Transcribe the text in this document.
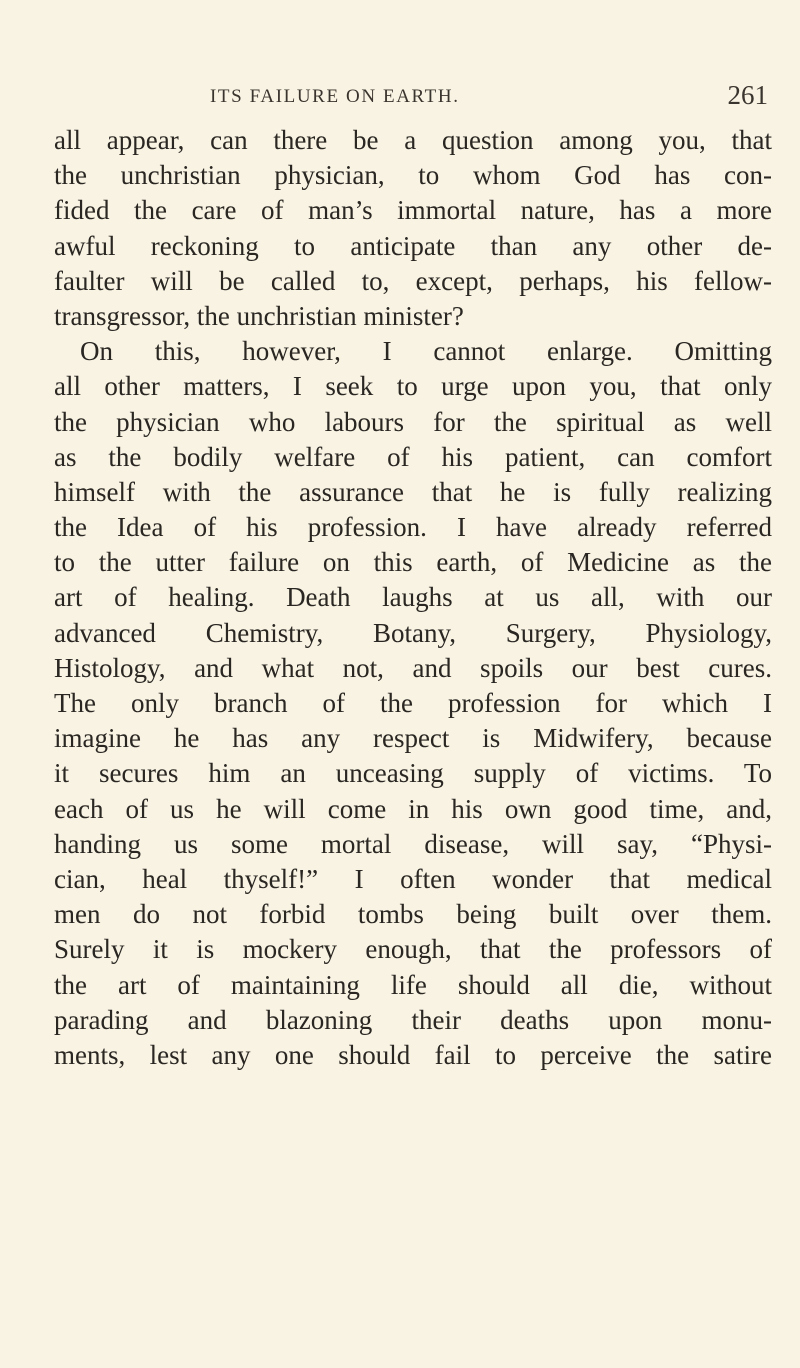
ITS FAILURE ON EARTH.	261
all appear, can there be a question among you, that
the unchristian physician, to whom God has con-
fided the care of man’s immortal nature, has a more
awful reckoning to anticipate than any other de-
faulter will be called to, except, perhaps, his fellow-
transgressor, the unchristian minister?
On this, however, I cannot enlarge. Omitting
all other matters, I seek to urge upon you, that only
the physician who labours for the spiritual as well
as the bodily welfare of his patient, can comfort
himself with the assurance that he is fully realizing
the Idea of his profession. I have already referred
to the utter failure on this earth, of Medicine as the
art of healing. Death laughs at us all, with our
advanced Chemistry, Botany, Surgery, Physiology,
Histology, and what not, and spoils our best cures.
The only branch of the profession for which I
imagine he has any respect is Midwifery, because
it secures him an unceasing supply of victims. To
each of us he will come in his own good time, and,
handing us some mortal disease, will say, “Physi-
cian, heal thyself!” I often wonder that medical
men do not forbid tombs being built over them.
Surely it is mockery enough, that the professors of
the art of maintaining life should all die, without
parading and blazoning their deaths upon monu-
ments, lest any one should fail to perceive the satire
